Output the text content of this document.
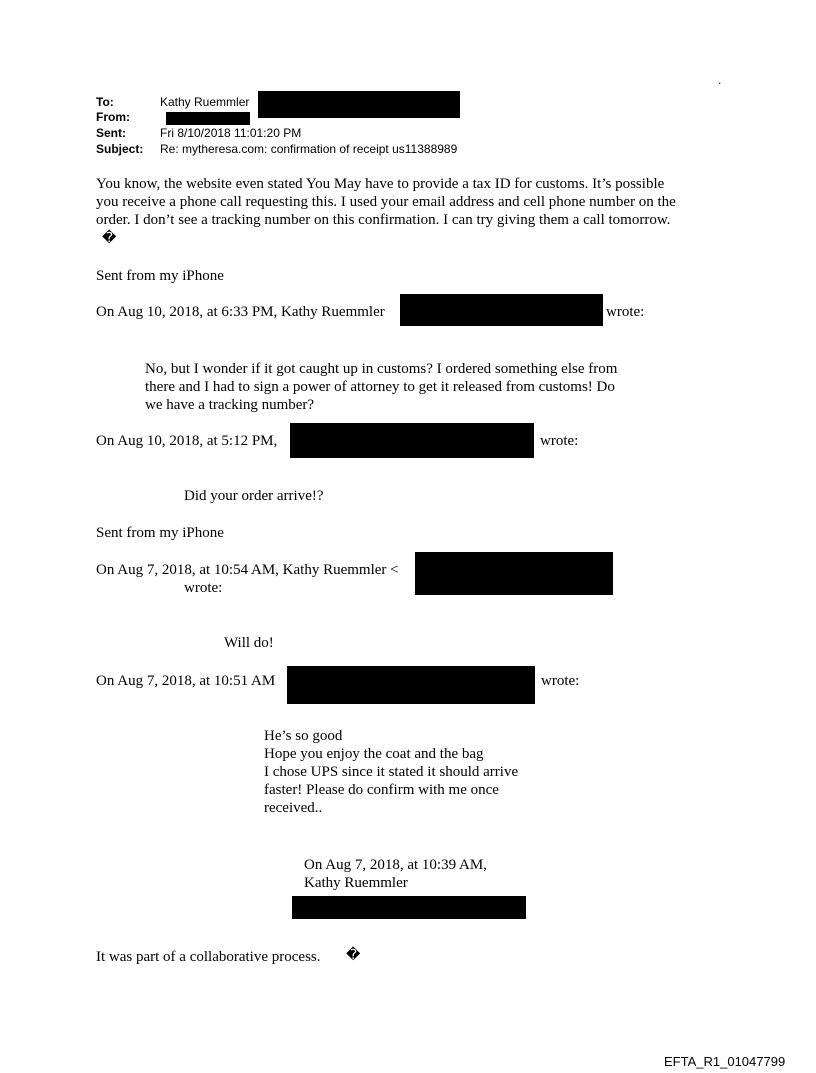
.
To:	Kathy Ruemmler
From:
Sent:	Fri 8/10/2018 11:01:20 PM
Subject: Re: mytheresa.com: confirmation of receipt us11388989
You know, the website even stated You May have to provide a tax ID for customs. It’s possible
you receive a phone call requesting this. I used your email address and cell phone number on the
order. I don’t see a tracking number on this confirmation. I can try giving them a call tomorrow.
�
Sent from my iPhone
On Aug 10, 2018, at 6:33 PM, Kathy Ruemmler	wrote:
No, but I wonder if it got caught up in customs? I ordered something else from
there and I had to sign a power of attorney to get it released from customs! Do
we have a tracking number?
On Aug 10, 2018, at 5:12 PM,	wrote:
Did your order arrive!?
Sent from my iPhone
On Aug 7, 2018, at 10:54 AM, Kathy Ruemmler <
wrote:
Will do!
On Aug 7, 2018, at 10:51 AM	wrote:
He’s so good
Hope you enjoy the coat and the bag
I chose UPS since it stated it should arrive
faster! Please do confirm with me once
received..
On Aug 7, 2018, at 10:39 AM,
Kathy Ruemmler
It was part of a collaborative process. �
EFTA_R1_01047799
